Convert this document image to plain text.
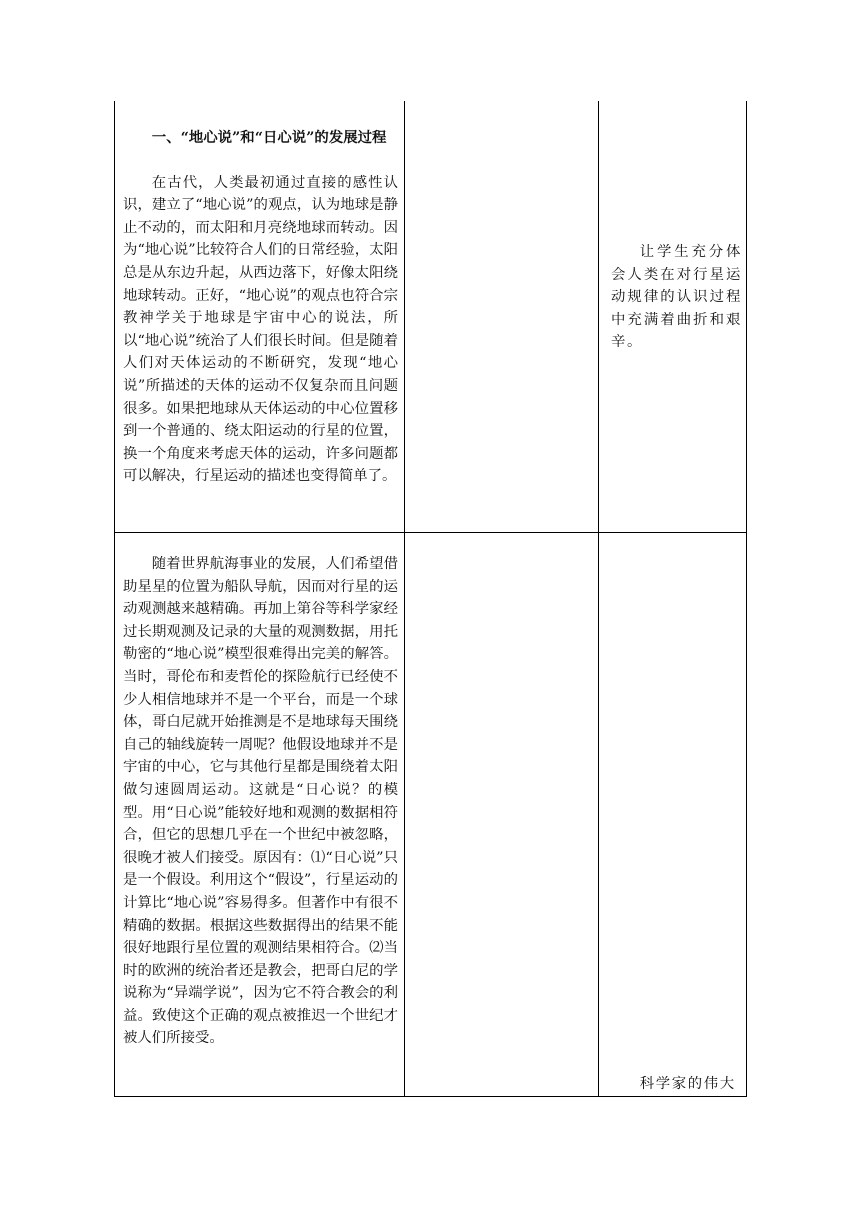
一、“地心说”和“日心说”的发展过程

在古代，人类最初通过直接的感性认识，建立了“地心说”的观点，认为地球是静止不动的，而太阳和月亮绕地球而转动。因为“地心说”比较符合人们的日常经验，太阳总是从东边升起，从西边落下，好像太阳绕地球转动。正好，“地心说”的观点也符合宗教神学关于地球是宇宙中心的说法，所以“地心说”统治了人们很长时间。但是随着人们对天体运动的不断研究，发现“地心说”所描述的天体的运动不仅复杂而且问题很多。如果把地球从天体运动的中心位置移到一个普通的、绕太阳运动的行星的位置，换一个角度来考虑天体的运动，许多问题都可以解决，行星运动的描述也变得简单了。

让学生充分体会人类在对行星运动规律的认识过程中充满着曲折和艰辛。

随着世界航海事业的发展，人们希望借助星星的位置为船队导航，因而对行星的运动观测越来越精确。再加上第谷等科学家经过长期观测及记录的大量的观测数据，用托勒密的“地心说”模型很难得出完美的解答。当时，哥伦布和麦哲伦的探险航行已经使不少人相信地球并不是一个平台，而是一个球体，哥白尼就开始推测是不是地球每天围绕自己的轴线旋转一周呢？他假设地球并不是宇宙的中心，它与其他行星都是围绕着太阳做匀速圆周运动。这就是“日心说？的模型。用“日心说”能较好地和观测的数据相符合，但它的思想几乎在一个世纪中被忽略，很晚才被人们接受。原因有：⑴“日心说”只是一个假设。利用这个“假设”，行星运动的计算比“地心说”容易得多。但著作中有很不精确的数据。根据这些数据得出的结果不能很好地跟行星位置的观测结果相符合。⑵当时的欧洲的统治者还是教会，把哥白尼的学说称为“异端学说”，因为它不符合教会的利益。致使这个正确的观点被推迟一个世纪才被人们所接受。

科学家的伟大
